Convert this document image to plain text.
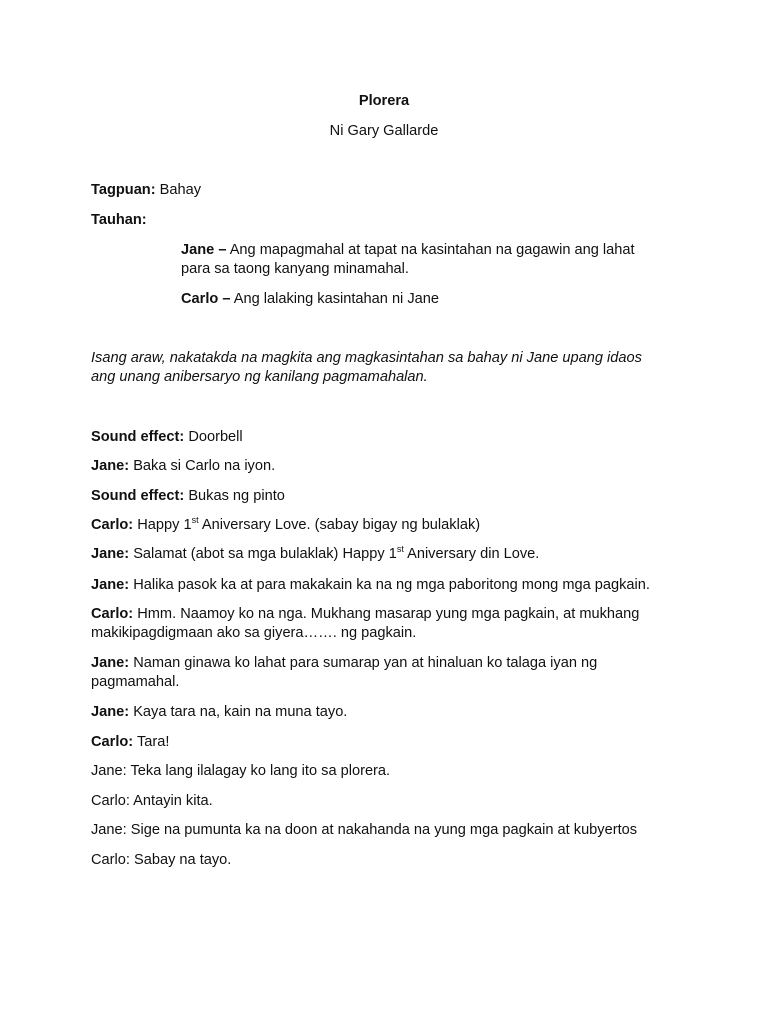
Plorera
Ni Gary Gallarde
Tagpuan: Bahay
Tauhan:
Jane – Ang mapagmahal at tapat na kasintahan na gagawin ang lahat
para sa taong kanyang minamahal.
Carlo – Ang lalaking kasintahan ni Jane
Isang araw, nakatakda na magkita ang magkasintahan sa bahay ni Jane upang idaos
ang unang anibersaryo ng kanilang pagmamahalan.
Sound effect: Doorbell
Jane: Baka si Carlo na iyon.
Sound effect: Bukas ng pinto
Carlo: Happy 1st Aniversary Love. (sabay bigay ng bulaklak)
Jane: Salamat (abot sa mga bulaklak) Happy 1st Aniversary din Love.
Jane: Halika pasok ka at para makakain ka na ng mga paboritong mong mga pagkain.
Carlo: Hmm. Naamoy ko na nga. Mukhang masarap yung mga pagkain, at mukhang
makikipagdigmaan ako sa giyera……. ng pagkain.
Jane: Naman ginawa ko lahat para sumarap yan at hinaluan ko talaga iyan ng
pagmamahal.
Jane: Kaya tara na, kain na muna tayo.
Carlo: Tara!
Jane: Teka lang ilalagay ko lang ito sa plorera.
Carlo: Antayin kita.
Jane: Sige na pumunta ka na doon at nakahanda na yung mga pagkain at kubyertos
Carlo: Sabay na tayo.
